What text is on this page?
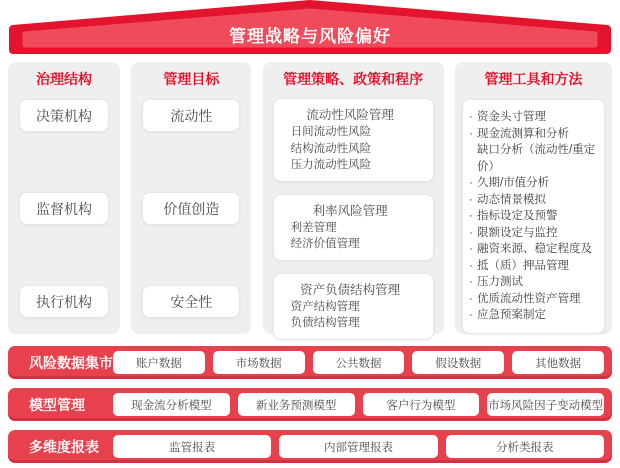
管理战略与风险偏好
治理结构
决策机构
监督机构
执行机构
管理目标
流动性
价值创造
安全性
管理策略、政策和程序
流动性风险管理
日间流动性风险
结构流动性风险
压力流动性风险
利率风险管理
利差管理
经济价值管理
资产负债结构管理
资产结构管理
负债结构管理
管理工具和方法
· 资金头寸管理
· 现金流测算和分析
缺口分析（流动性/重定价）
· 久期/市值分析
· 动态情景模拟
· 指标设定及预警
· 限额设定与监控
· 融资来源、稳定程度及
· 抵（质）押品管理
· 压力测试
· 优质流动性资产管理
· 应急预案制定
风险数据集市	账户数据	市场数据	公共数据	假设数据	其他数据
模型管理	现金流分析模型	新业务预测模型	客户行为模型	市场风险因子变动模型
多维度报表	监管报表	内部管理报表	分析类报表
